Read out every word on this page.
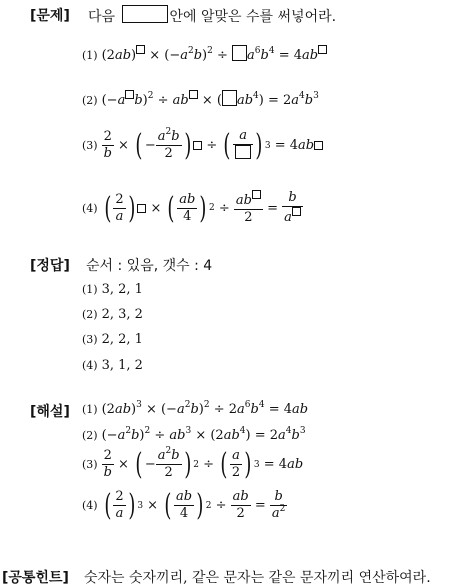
[문제] 다음	안에 알맞은 수를 써넣어라.
(1) $(2ab) \times (-a^2b)^2 \div a^6b^4 = 4ab$
(2) (−a b)$^2$ ÷ ab × ( $ab^4) = 2a^4b^3$
$(3) \frac{2}{b}$ × ( − $\frac{a^2b}{2}$ ) ÷ ( a ) 3 = 4 ab
(4) ( $\frac{2}{a}$ ) × ( $\frac{ab}{4}$ ) $2 \div \frac{ab}{2} = \frac{b}{a}$
[정답] 순서 : 있음, 갯수 : 4
(1) 3, 2, 1
(2) 2, 3, 2
(3) 2, 2, 1
(4) 3, 1, 2
[해설] (1) $(2ab)^3 \times (-a^2b)^2 \div 2a^6b^4 = 4ab$
(2) $(-a^2b)^2 \div ab^3 \times (2ab^4) = 2a^4b^3$
$(3) \frac{2}{b}$ × ( − $\frac{a^2b}{2}$ ) 2 ÷ ( $\frac{a}{2}$ ) 3 = 4 ab
(4) ( $\frac{2}{a}$ ) 3 × ( $\frac{ab}{4}$ ) $2 \div \frac{ab}{2} = \frac{b}{a^2}$
[공통힌트] 숫자는 숫자끼리, 같은 문자는 같은 문자끼리 연산하여라.
